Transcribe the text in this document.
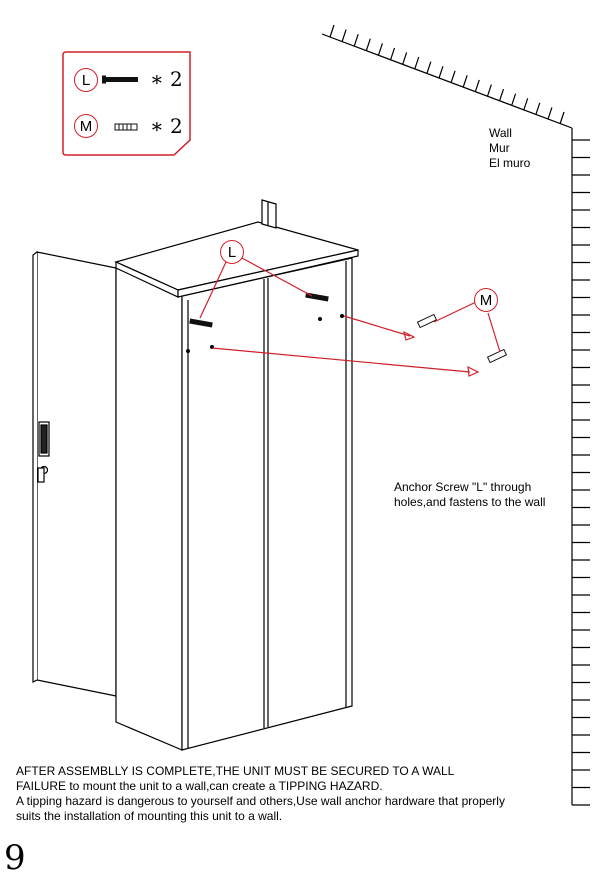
L	∗ 2
M	∗ 2
L
M
Wall
Mur
El muro
Anchor Screw "L" through
holes,and fastens to the wall
AFTER ASSEMBLLY IS COMPLETE,THE UNIT MUST BE SECURED TO A WALL
FAILURE to mount the unit to a wall,can create a TIPPING HAZARD.
A tipping hazard is dangerous to yourself and others,Use wall anchor hardware that properly
suits the installation of mounting this unit to a wall.
9
